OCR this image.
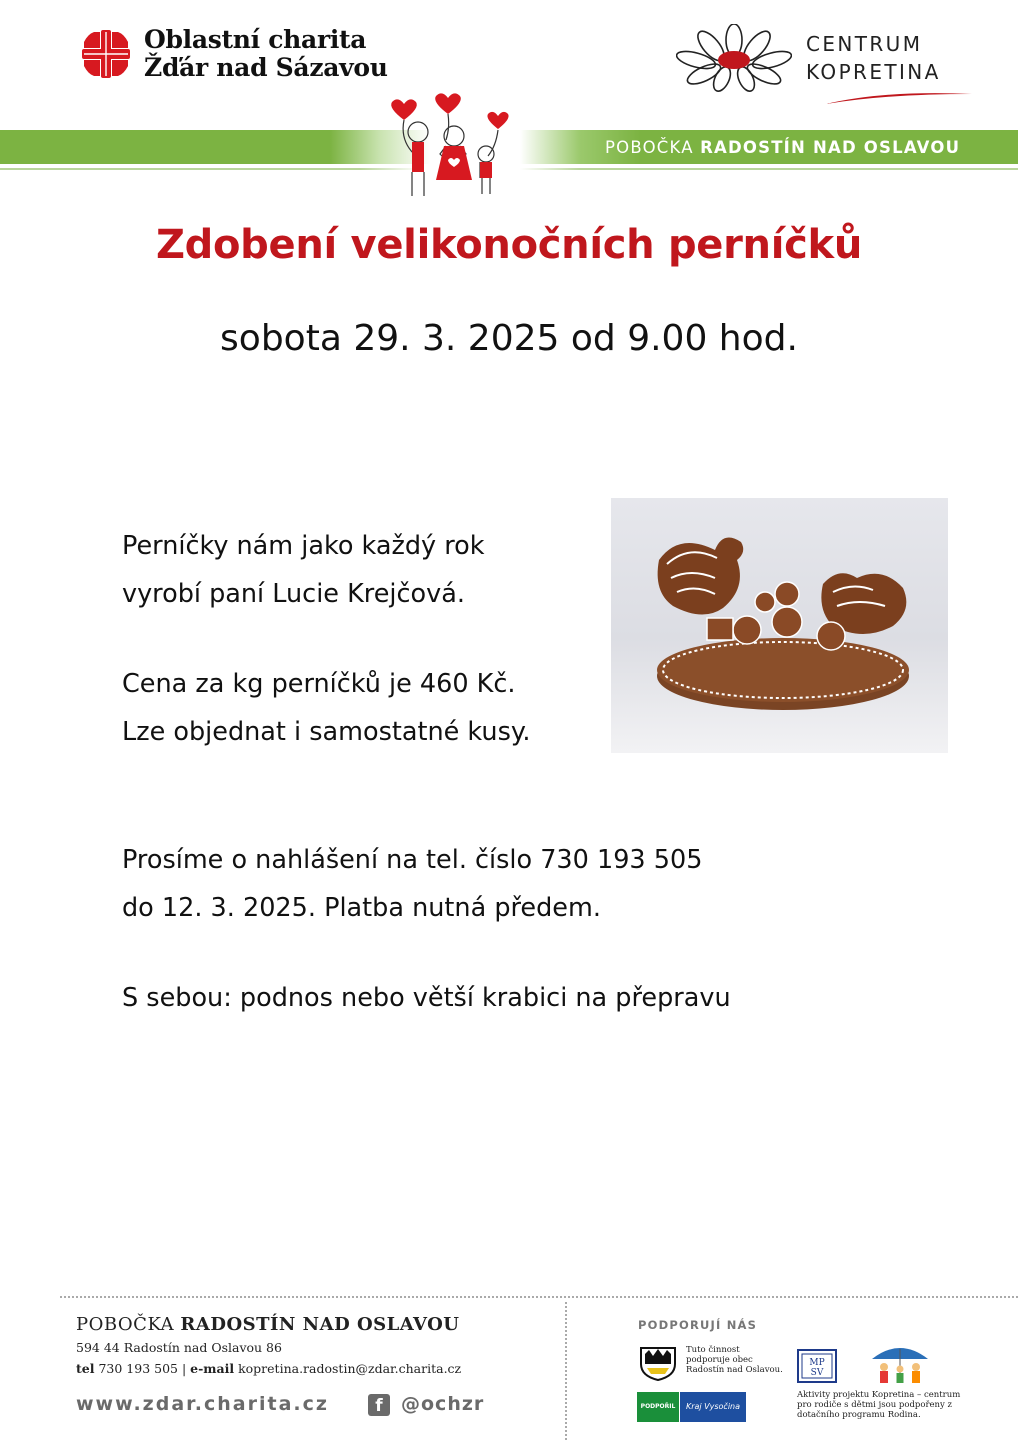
Oblastní charita
Žďár nad Sázavou
CENTRUM
KOPRETINA
POBOČKA RADOSTÍN NAD OSLAVOU
Zdobení velikonočních perníčků
sobota 29. 3. 2025 od 9.00 hod.
Perníčky nám jako každý rok
vyrobí paní Lucie Krejčová.
Cena za kg perníčků je 460 Kč.
Lze objednat i samostatné kusy.
Prosíme o nahlášení na tel. číslo 730 193 505
do 12. 3. 2025. Platba nutná předem.
S sebou: podnos nebo větší krabici na přepravu
POBOČKA RADOSTÍN NAD OSLAVOU
594 44 Radostín nad Oslavou 86
tel 730 193 505 | e-mail kopretina.radostin@zdar.charita.cz
www.zdar.charita.cz	f @ochzr
PODPORUJÍ NÁS
Tuto činnost podporuje obec Radostín nad Oslavou.
MP
SV
Aktivity projektu Kopretina – centrum pro rodiče s dětmi jsou podpořeny z dotačního programu Rodina.
PODPOŘIL	Kraj Vysočina
